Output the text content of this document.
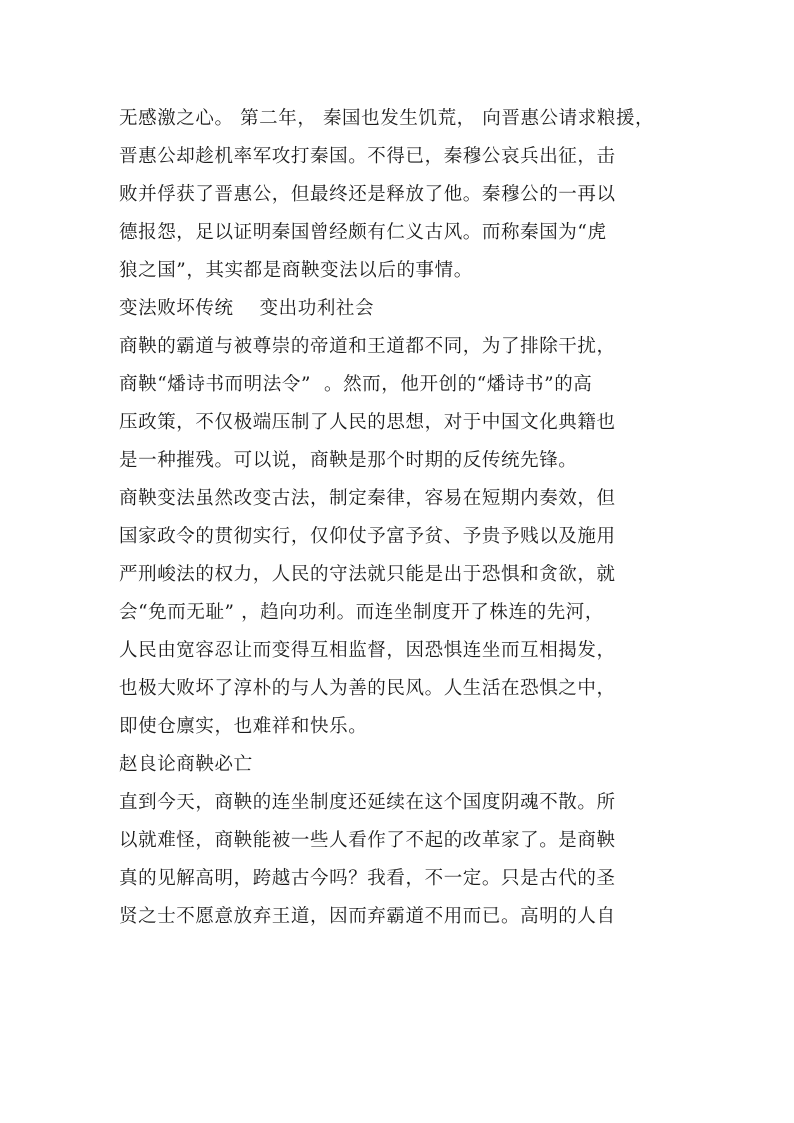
无感激之心。 第二年， 秦国也发生饥荒， 向晋惠公请求粮援，
晋惠公却趁机率军攻打秦国。不得已，秦穆公哀兵出征，击
败并俘获了晋惠公，但最终还是释放了他。秦穆公的一再以
德报怨，足以证明秦国曾经颇有仁义古风。而称秦国为“虎
狼之国”，其实都是商鞅变法以后的事情。
变法败坏传统    变出功利社会
商鞅的霸道与被尊崇的帝道和王道都不同，为了排除干扰，
商鞅“燔诗书而明法令”  。然而，他开创的“燔诗书”的高
压政策，不仅极端压制了人民的思想，对于中国文化典籍也
是一种摧残。可以说，商鞅是那个时期的反传统先锋。
商鞅变法虽然改变古法，制定秦律，容易在短期内奏效，但
国家政令的贯彻实行，仅仰仗予富予贫、予贵予贱以及施用
严刑峻法的权力，人民的守法就只能是出于恐惧和贪欲，就
会“免而无耻” ，趋向功利。而连坐制度开了株连的先河，
人民由宽容忍让而变得互相监督，因恐惧连坐而互相揭发，
也极大败坏了淳朴的与人为善的民风。人生活在恐惧之中，
即使仓廪实，也难祥和快乐。
赵良论商鞅必亡
直到今天，商鞅的连坐制度还延续在这个国度阴魂不散。所
以就难怪，商鞅能被一些人看作了不起的改革家了。是商鞅
真的见解高明，跨越古今吗？我看，不一定。只是古代的圣
贤之士不愿意放弃王道，因而弃霸道不用而已。高明的人自
